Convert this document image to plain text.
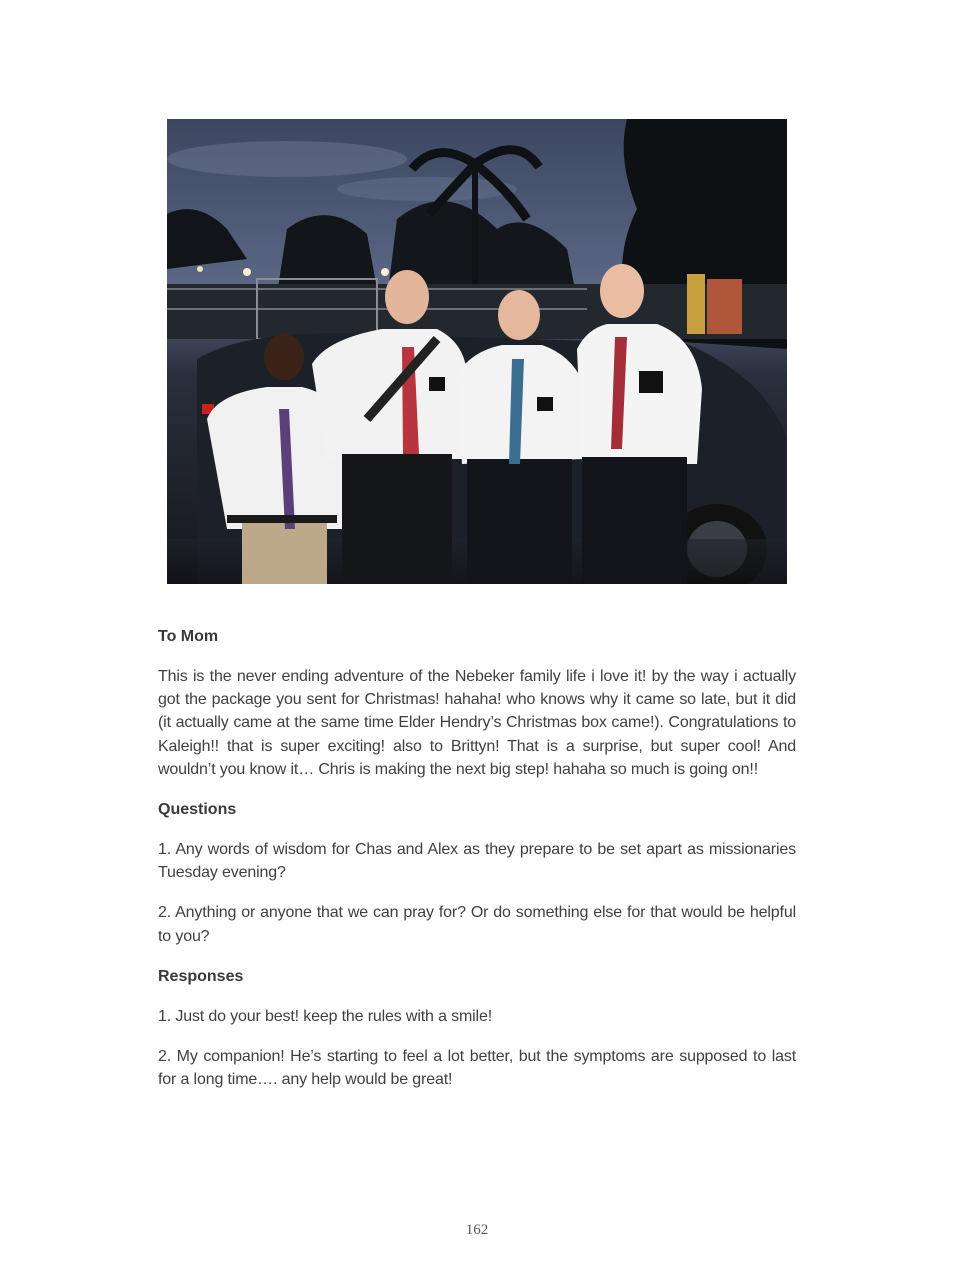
To Mom
This is the never ending adventure of the Nebeker family life i love it! by the way i actually got the package you sent for Christmas! hahaha! who knows why it came so late, but it did (it actually came at the same time Elder Hendry’s Christmas box came!). Congratulations to Kaleigh!! that is super exciting! also to Brittyn! That is a surprise, but super cool! And wouldn’t you know it… Chris is making the next big step! hahaha so much is going on!!
Questions
1. Any words of wisdom for Chas and Alex as they prepare to be set apart as missionaries Tuesday evening?
2. Anything or anyone that we can pray for? Or do something else for that would be helpful to you?
Responses
1. Just do your best! keep the rules with a smile!
2. My companion! He’s starting to feel a lot better, but the symptoms are supposed to last for a long time…. any help would be great!
162
